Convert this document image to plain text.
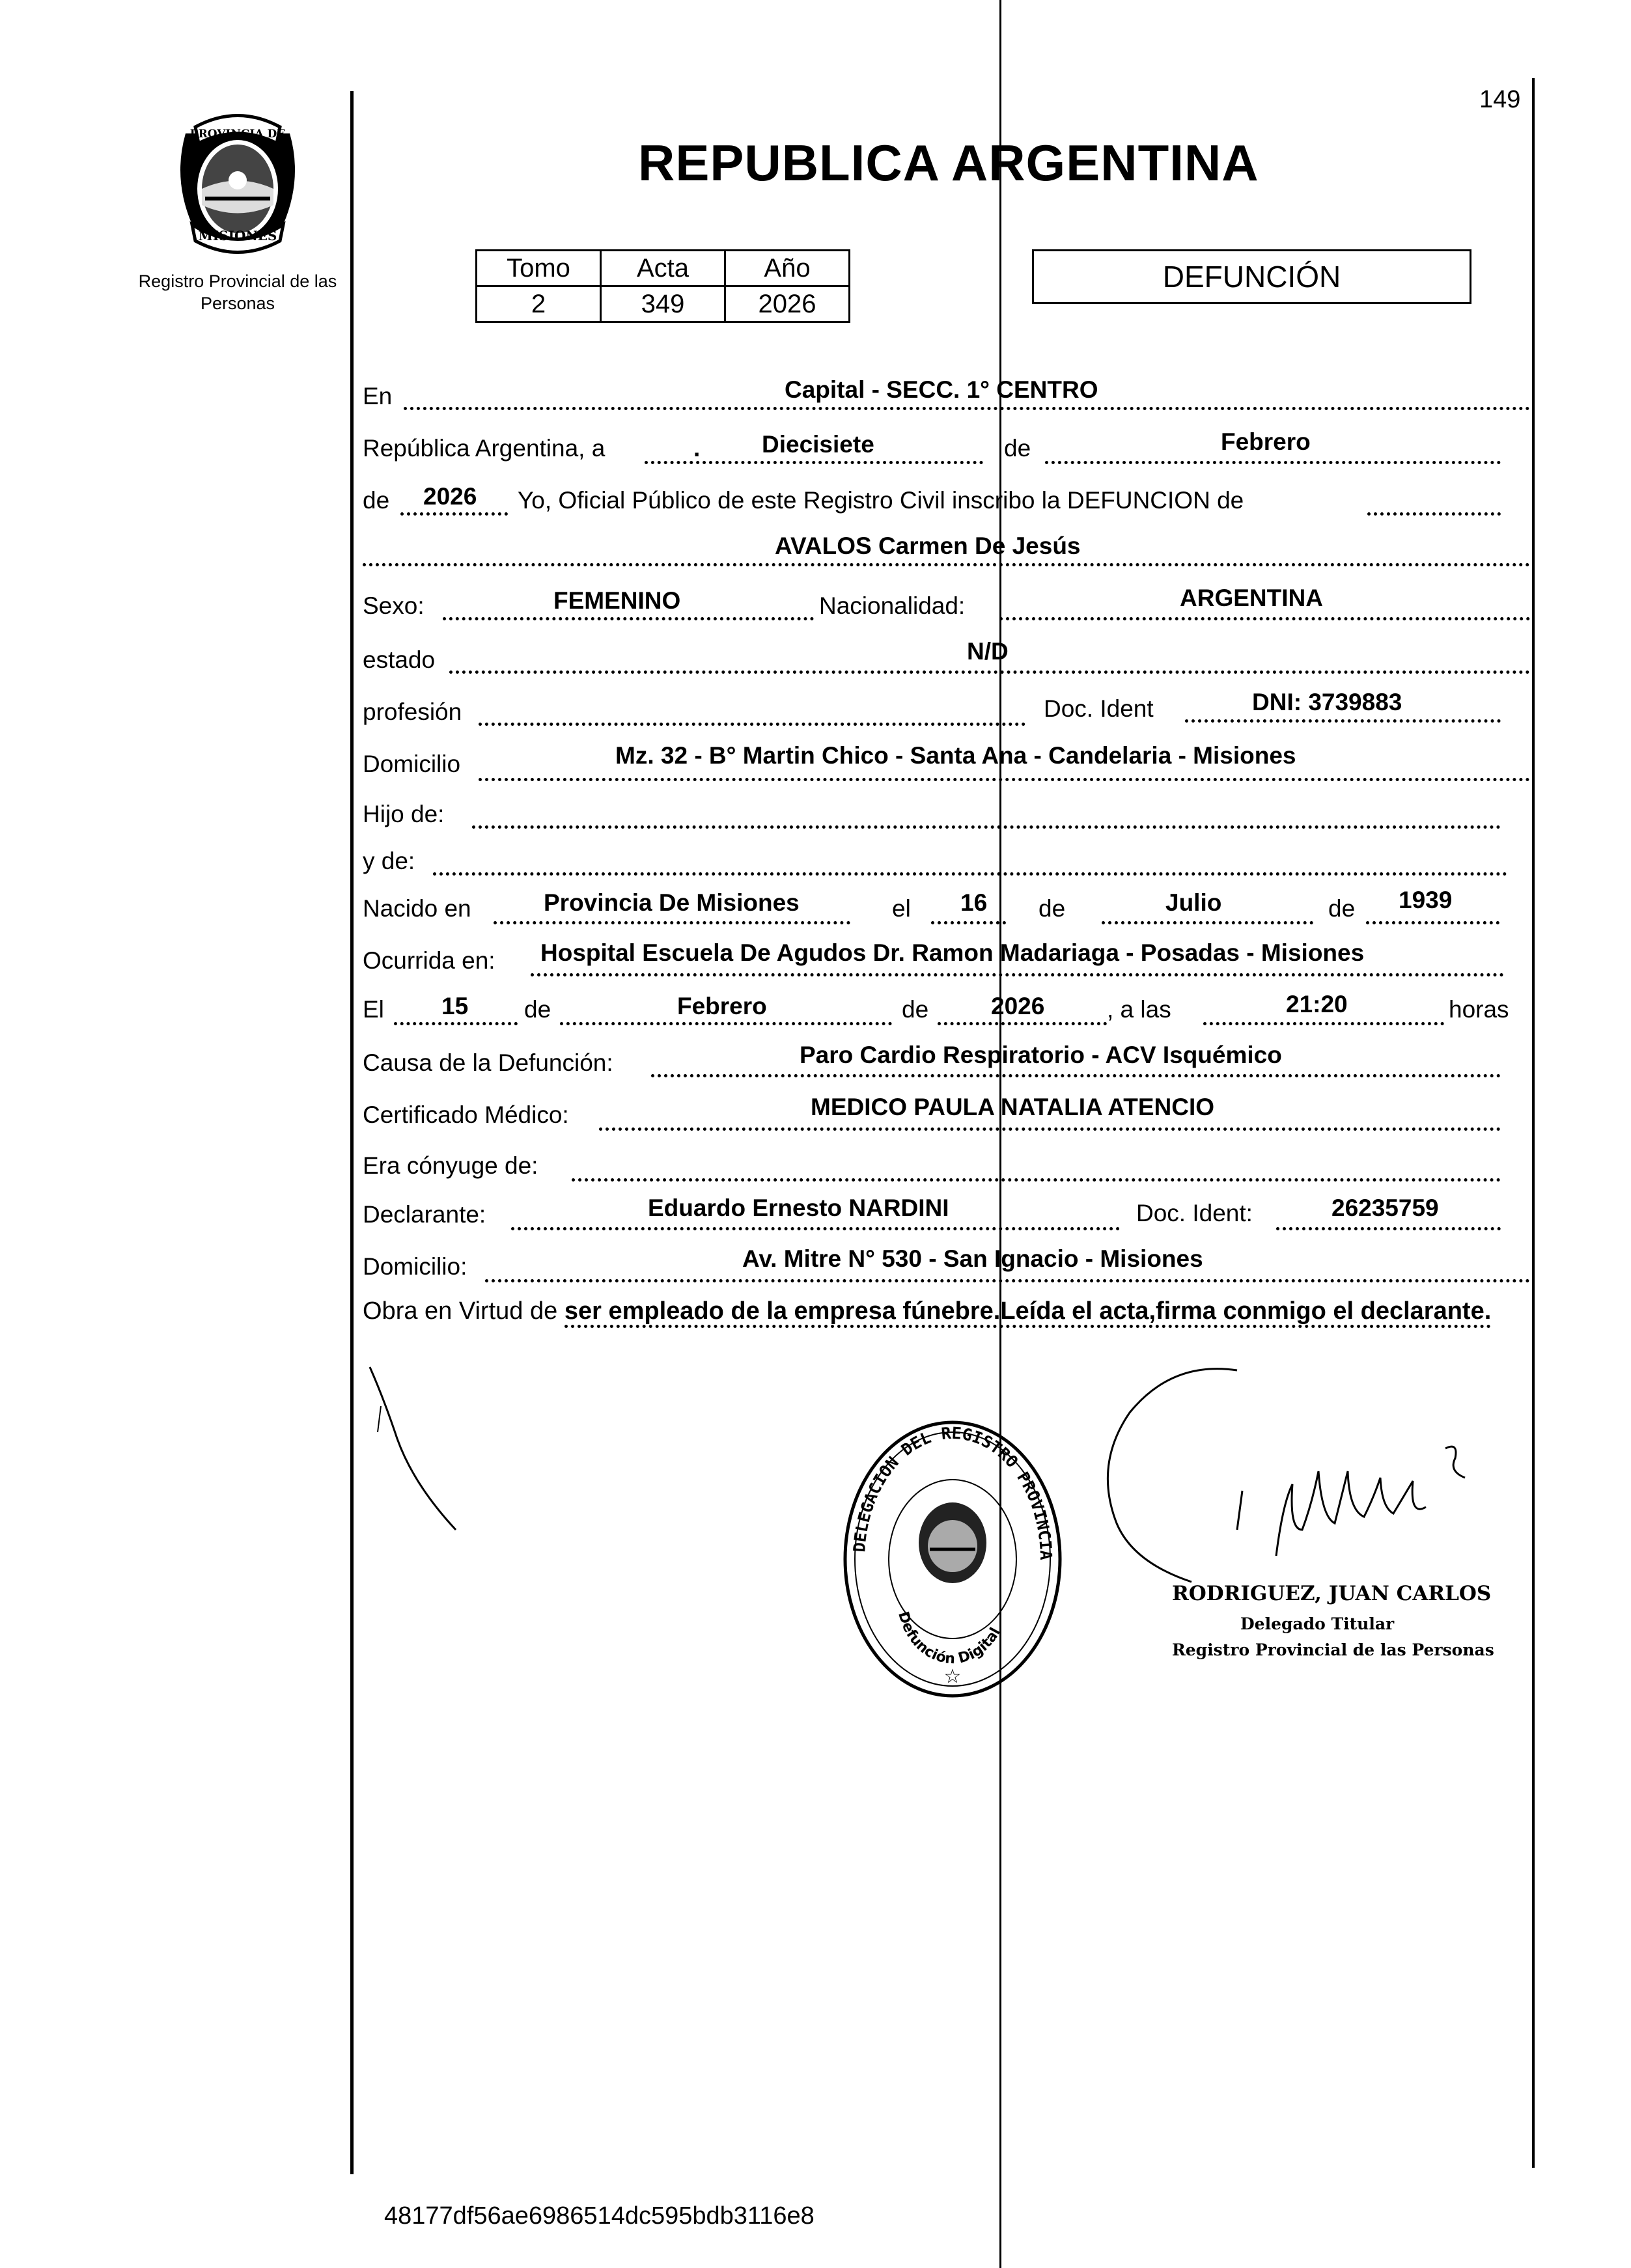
PROVINCIA DE
MISIONES
Registro Provincial de las Personas
149
REPUBLICA ARGENTINA
Tomo	Acta	Año
2	349	2026
DEFUNCIÓN
En	Capital - SECC. 1° CENTRO
República Argentina, a	.	Diecisiete	de	Febrero
de 2026 Yo, Oficial Público de este Registro Civil inscribo la DEFUNCION de
AVALOS Carmen De Jesús
Sexo:	FEMENINO	Nacionalidad:	ARGENTINA
estado	N/D
profesión	Doc. Ident	DNI: 3739883
Domicilio	Mz. 32 - B° Martin Chico - Santa Ana - Candelaria - Misiones
Hijo de:
y de:
Nacido en	Provincia De Misiones	el 16 de	Julio	de 1939
Ocurrida en: Hospital Escuela De Agudos Dr. Ramon Madariaga - Posadas - Misiones
El 15 de	Febrero	de	2026	, a las	21:20	horas
Causa de la Defunción:	Paro Cardio Respiratorio - ACV Isquémico
Certificado Médico:	MEDICO PAULA NATALIA ATENCIO
Era cónyuge de:
Declarante:	Eduardo Ernesto NARDINI	Doc. Ident:	26235759
Domicilio:	Av. Mitre N° 530 - San Ignacio - Misiones
Obra en Virtud de ser empleado de la empresa fúnebre.Leída el acta,firma conmigo el declarante.
DELEGACION DEL REGISTRO PROVINCIA
Defunción Digital
☆
RODRIGUEZ, JUAN CARLOS
Delegado Titular
Registro Provincial de las Personas
48177df56ae6986514dc595bdb3116e8
